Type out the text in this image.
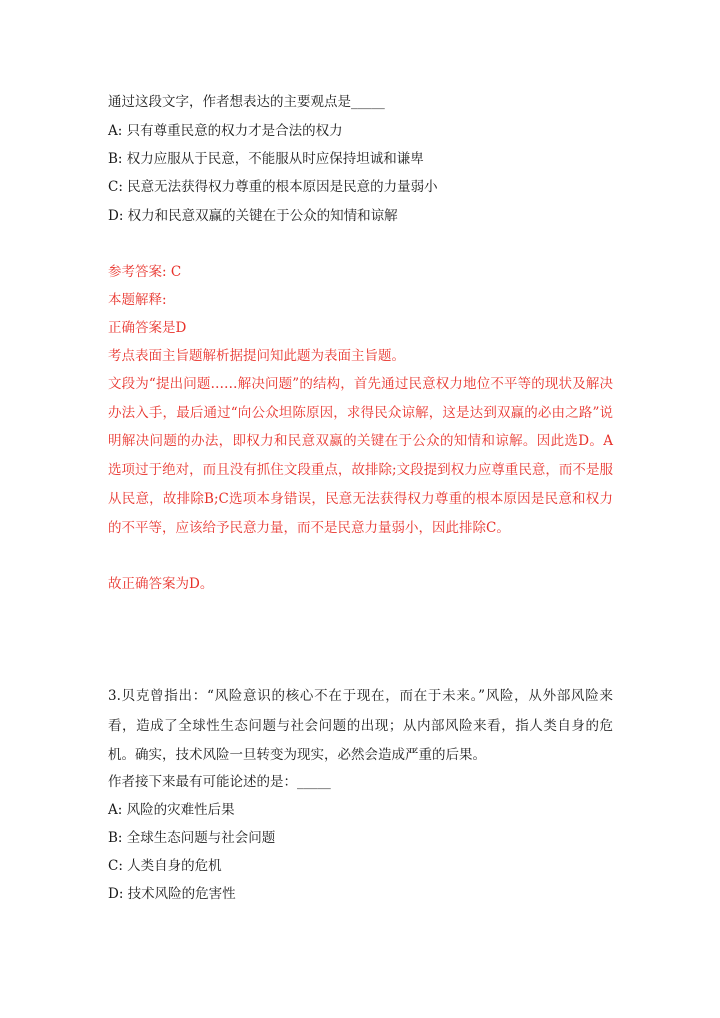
通过这段文字，作者想表达的主要观点是_____
A: 只有尊重民意的权力才是合法的权力
B: 权力应服从于民意，不能服从时应保持坦诚和谦卑
C: 民意无法获得权力尊重的根本原因是民意的力量弱小
D: 权力和民意双赢的关键在于公众的知情和谅解
参考答案: C
本题解释:
正确答案是D
考点表面主旨题解析据提问知此题为表面主旨题。
文段为“提出问题……解决问题”的结构，首先通过民意权力地位不平等的现状及解决办法入手，最后通过“向公众坦陈原因，求得民众谅解，这是达到双赢的必由之路”说明解决问题的办法，即权力和民意双赢的关键在于公众的知情和谅解。因此选D。A选项过于绝对，而且没有抓住文段重点，故排除;文段提到权力应尊重民意，而不是服从民意，故排除B;C选项本身错误，民意无法获得权力尊重的根本原因是民意和权力的不平等，应该给予民意力量，而不是民意力量弱小，因此排除C。
故正确答案为D。
3.贝克曾指出：“风险意识的核心不在于现在，而在于未来。”风险，从外部风险来看，造成了全球性生态问题与社会问题的出现；从内部风险来看，指人类自身的危机。确实，技术风险一旦转变为现实，必然会造成严重的后果。
作者接下来最有可能论述的是：_____
A: 风险的灾难性后果
B: 全球生态问题与社会问题
C: 人类自身的危机
D: 技术风险的危害性
